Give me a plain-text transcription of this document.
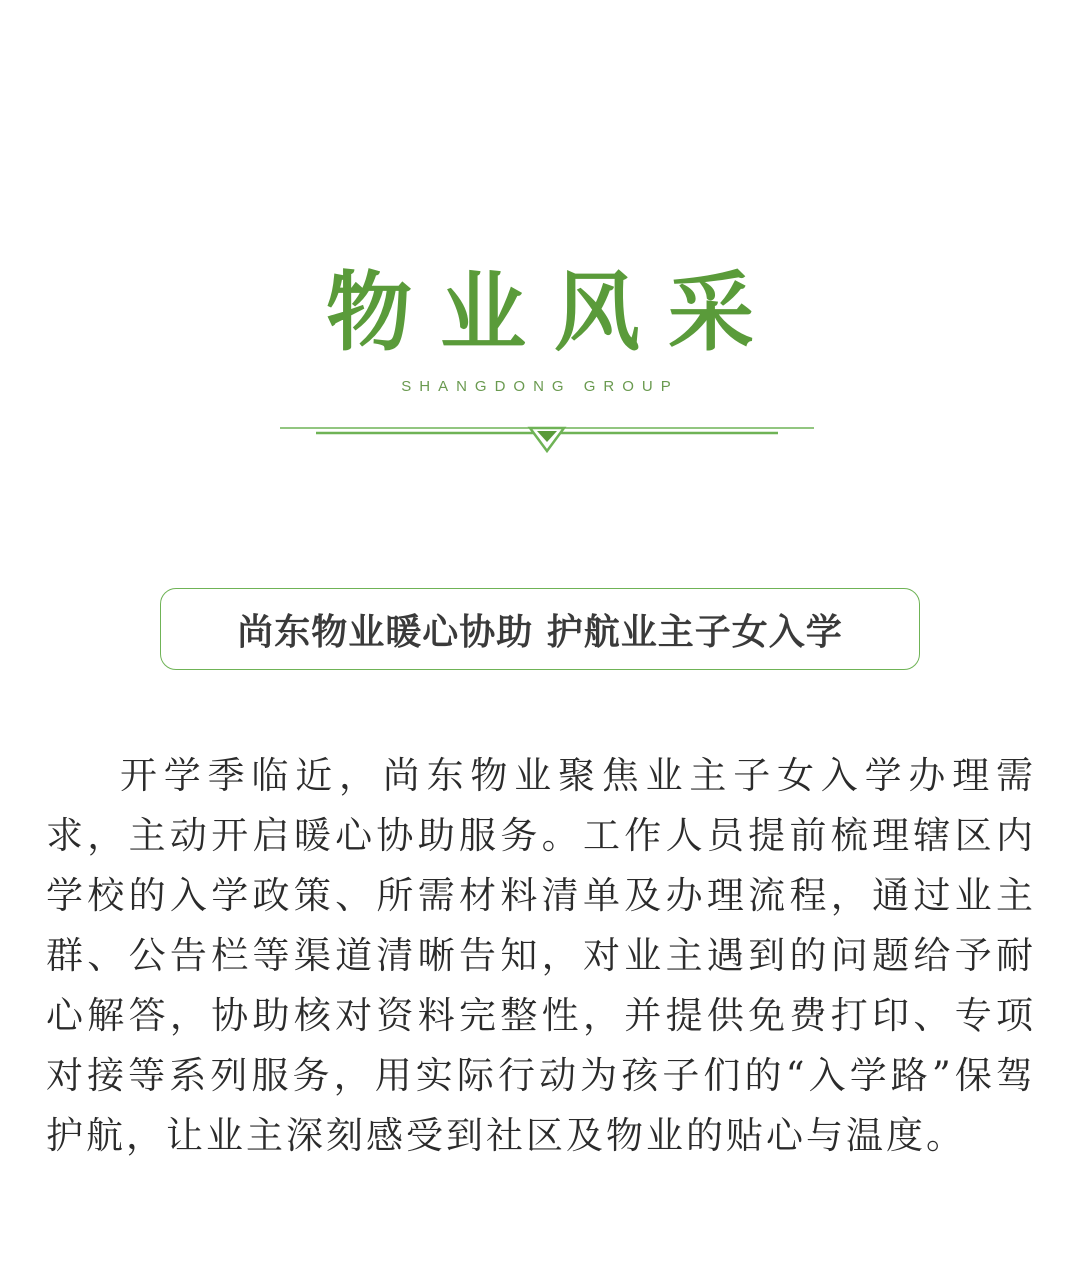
物业风采
SHANGDONG GROUP
尚东物业暖心协助 护航业主子女入学

开学季临近，尚东物业聚焦业主子女入学办理需求，主动开启暖心协助服务。工作人员提前梳理辖区内学校的入学政策、所需材料清单及办理流程，通过业主群、公告栏等渠道清晰告知，对业主遇到的问题给予耐心解答，协助核对资料完整性，并提供免费打印、专项对接等系列服务，用实际行动为孩子们的“入学路”保驾护航，让业主深刻感受到社区及物业的贴心与温度。
